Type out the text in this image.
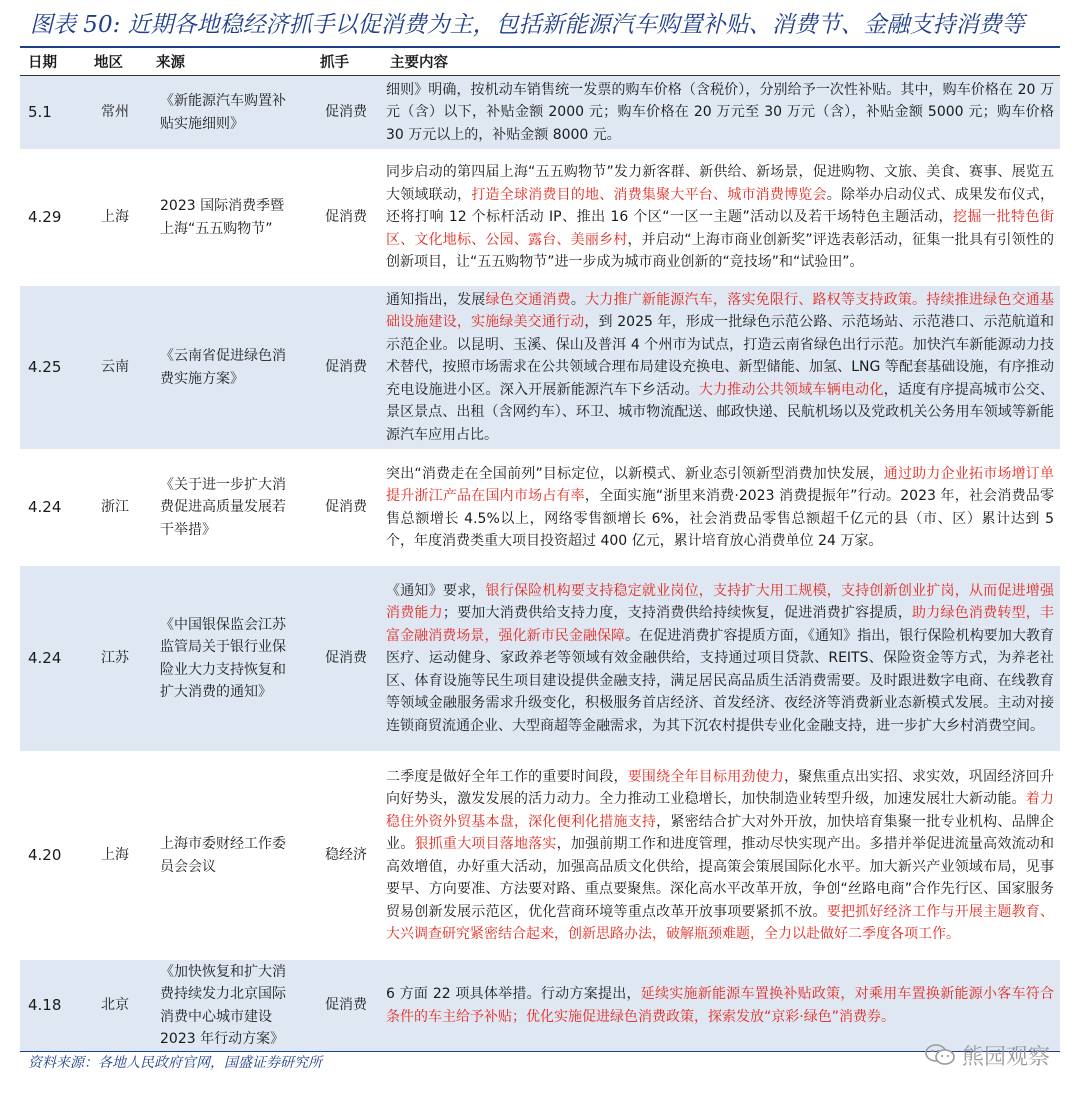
图表 50: 近期各地稳经济抓手以促消费为主，包括新能源汽车购置补贴、消费节、金融支持消费等
日期	地区	来源	抓手	主要内容
5.1	常州	《新能源汽车购置补贴实施细则》	促消费	细则》明确，按机动车销售统一发票的购车价格（含税价），分别给予一次性补贴。其中，购车价格在 20 万元（含）以下，补贴金额 2000 元；购车价格在 20 万元至 30 万元（含），补贴金额 5000 元；购车价格 30 万元以上的，补贴金额 8000 元。
4.29	上海	2023 国际消费季暨上海“五五购物节”	促消费	同步启动的第四届上海“五五购物节”发力新客群、新供给、新场景，促进购物、文旅、美食、赛事、展览五大领域联动，打造全球消费目的地、消费集聚大平台、城市消费博览会。除举办启动仪式、成果发布仪式，还将打响 12 个标杆活动 IP、推出 16 个区“一区一主题”活动以及若干场特色主题活动，挖掘一批特色街区、文化地标、公园、露台、美丽乡村，并启动“上海市商业创新奖”评选表彰活动，征集一批具有引领性的创新项目，让“五五购物节”进一步成为城市商业创新的“竞技场”和“试验田”。
4.25	云南	《云南省促进绿色消费实施方案》	促消费	通知指出，发展绿色交通消费。大力推广新能源汽车，落实免限行、路权等支持政策。持续推进绿色交通基础设施建设，实施绿美交通行动，到 2025 年，形成一批绿色示范公路、示范场站、示范港口、示范航道和示范企业。以昆明、玉溪、保山及普洱 4 个州市为试点，打造云南省绿色出行示范。加快汽车新能源动力技术替代，按照市场需求在公共领域合理布局建设充换电、新型储能、加氢、LNG 等配套基础设施，有序推动充电设施进小区。深入开展新能源汽车下乡活动。大力推动公共领域车辆电动化，适度有序提高城市公交、景区景点、出租（含网约车）、环卫、城市物流配送、邮政快递、民航机场以及党政机关公务用车领域等新能源汽车应用占比。
4.24	浙江	《关于进一步扩大消费促进高质量发展若干举措》	促消费	突出“消费走在全国前列”目标定位，以新模式、新业态引领新型消费加快发展，通过助力企业拓市场增订单提升浙江产品在国内市场占有率，全面实施“浙里来消费·2023 消费提振年”行动。2023 年，社会消费品零售总额增长 4.5%以上，网络零售额增长 6%，社会消费品零售总额超千亿元的县（市、区）累计达到 5 个，年度消费类重大项目投资超过 400 亿元，累计培育放心消费单位 24 万家。
4.24	江苏	《中国银保监会江苏监管局关于银行业保险业大力支持恢复和扩大消费的通知》	促消费	《通知》要求，银行保险机构要支持稳定就业岗位，支持扩大用工规模，支持创新创业扩岗，从而促进增强消费能力；要加大消费供给支持力度，支持消费供给持续恢复，促进消费扩容提质，助力绿色消费转型，丰富金融消费场景，强化新市民金融保障。在促进消费扩容提质方面，《通知》指出，银行保险机构要加大教育医疗、运动健身、家政养老等领域有效金融供给，支持通过项目贷款、REITS、保险资金等方式，为养老社区、体育设施等民生项目建设提供金融支持，满足居民高品质生活消费需要。及时跟进数字电商、在线教育等领域金融服务需求升级变化，积极服务首店经济、首发经济、夜经济等消费新业态新模式发展。主动对接连锁商贸流通企业、大型商超等金融需求，为其下沉农村提供专业化金融支持，进一步扩大乡村消费空间。
4.20	上海	上海市委财经工作委员会会议	稳经济	二季度是做好全年工作的重要时间段，要围绕全年目标用劲使力，聚焦重点出实招、求实效，巩固经济回升向好势头，激发发展的活力动力。全力推动工业稳增长，加快制造业转型升级，加速发展壮大新动能。着力稳住外资外贸基本盘，深化便利化措施支持，紧密结合扩大对外开放，加快培育集聚一批专业机构、品牌企业。狠抓重大项目落地落实，加强前期工作和进度管理，推动尽快实现产出。多措并举促进流量高效流动和高效增值，办好重大活动，加强高品质文化供给，提高策会策展国际化水平。加大新兴产业领域布局，见事要早、方向要准、方法要对路、重点要聚焦。深化高水平改革开放，争创“丝路电商”合作先行区、国家服务贸易创新发展示范区，优化营商环境等重点改革开放事项要紧抓不放。要把抓好经济工作与开展主题教育、大兴调查研究紧密结合起来，创新思路办法，破解瓶颈难题，全力以赴做好二季度各项工作。
4.18	北京	《加快恢复和扩大消费持续发力北京国际消费中心城市建设 2023 年行动方案》	促消费	6 方面 22 项具体举措。行动方案提出，延续实施新能源车置换补贴政策，对乘用车置换新能源小客车符合条件的车主给予补贴；优化实施促进绿色消费政策，探索发放“京彩·绿色”消费券。
资料来源：各地人民政府官网，国盛证券研究所	熊园观察
